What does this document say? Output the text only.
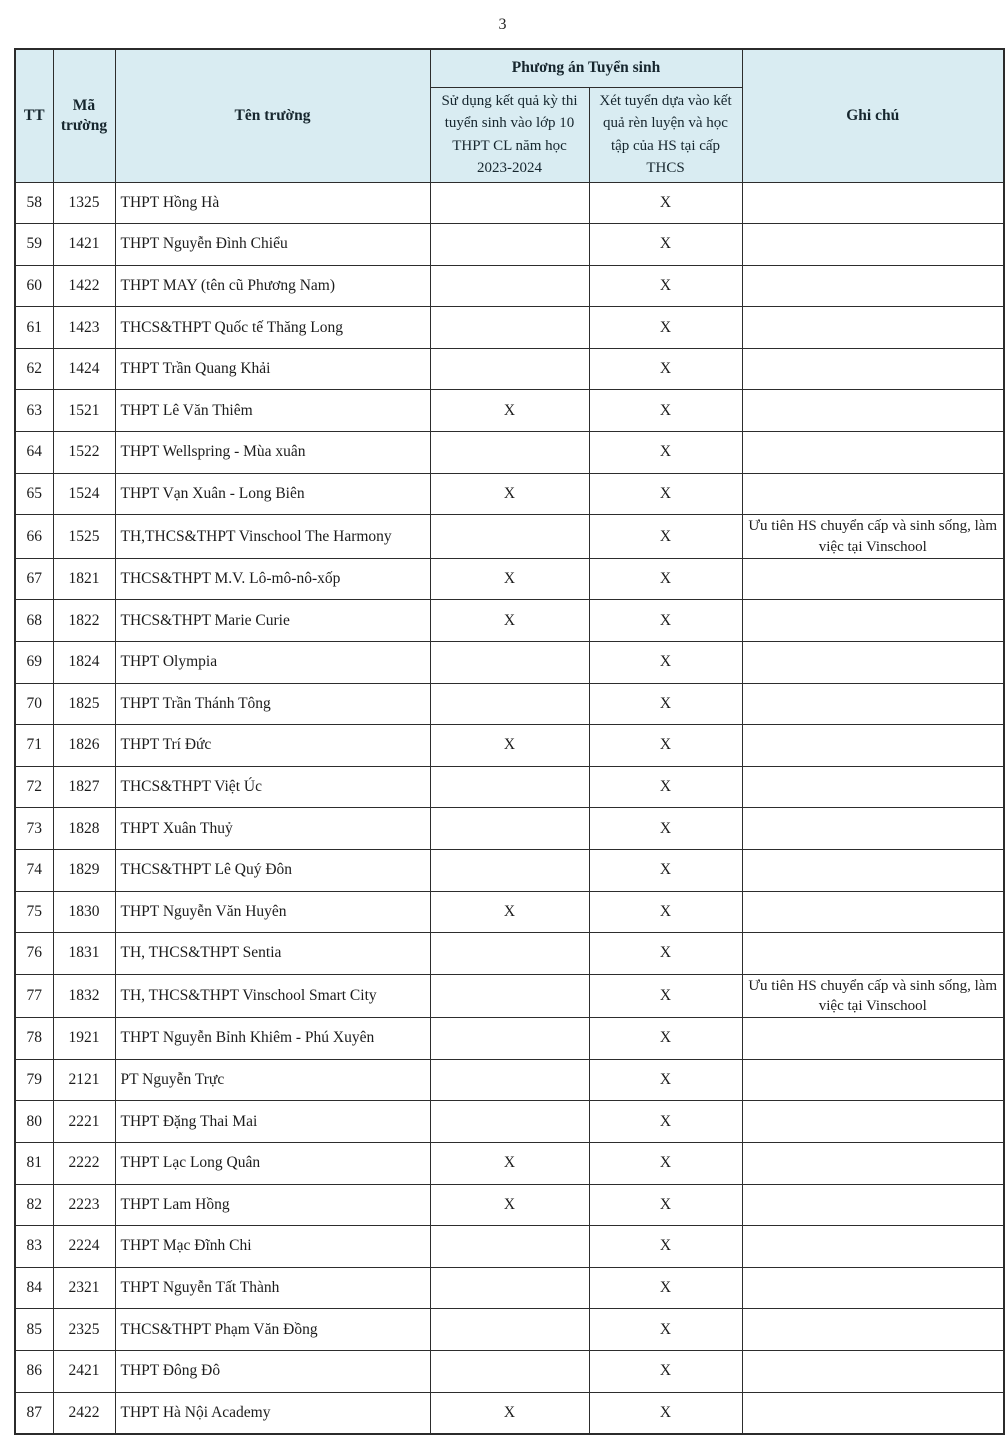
3
TT	Mã trường	Tên trường	Phương án Tuyển sinh		Ghi chú
			Sử dụng kết quả kỳ thi tuyển sinh vào lớp 10 THPT CL năm học 2023-2024	Xét tuyển dựa vào kết quả rèn luyện và học tập của HS tại cấp THCS	
58	1325	THPT Hồng Hà		X	
59	1421	THPT Nguyễn Đình Chiểu		X	
60	1422	THPT MAY (tên cũ Phương Nam)		X	
61	1423	THCS&THPT Quốc tế Thăng Long		X	
62	1424	THPT Trần Quang Khải		X	
63	1521	THPT Lê Văn Thiêm	X	X	
64	1522	THPT Wellspring - Mùa xuân		X	
65	1524	THPT Vạn Xuân - Long Biên	X	X	
66	1525	TH,THCS&THPT Vinschool The Harmony		X	Ưu tiên HS chuyển cấp và sinh sống, làm việc tại Vinschool
67	1821	THCS&THPT M.V. Lô-mô-nô-xốp	X	X	
68	1822	THCS&THPT Marie Curie	X	X	
69	1824	THPT Olympia		X	
70	1825	THPT Trần Thánh Tông		X	
71	1826	THPT Trí Đức	X	X	
72	1827	THCS&THPT Việt Úc		X	
73	1828	THPT Xuân Thuỷ		X	
74	1829	THCS&THPT Lê Quý Đôn		X	
75	1830	THPT Nguyễn Văn Huyên	X	X	
76	1831	TH, THCS&THPT Sentia		X	
77	1832	TH, THCS&THPT Vinschool Smart City		X	Ưu tiên HS chuyển cấp và sinh sống, làm việc tại Vinschool
78	1921	THPT Nguyễn Bỉnh Khiêm - Phú Xuyên		X	
79	2121	PT Nguyễn Trực		X	
80	2221	THPT Đặng Thai Mai		X	
81	2222	THPT Lạc Long Quân	X	X	
82	2223	THPT Lam Hồng	X	X	
83	2224	THPT Mạc Đĩnh Chi		X	
84	2321	THPT Nguyễn Tất Thành		X	
85	2325	THCS&THPT Phạm Văn Đồng		X	
86	2421	THPT Đông Đô		X	
87	2422	THPT Hà Nội Academy	X	X	
